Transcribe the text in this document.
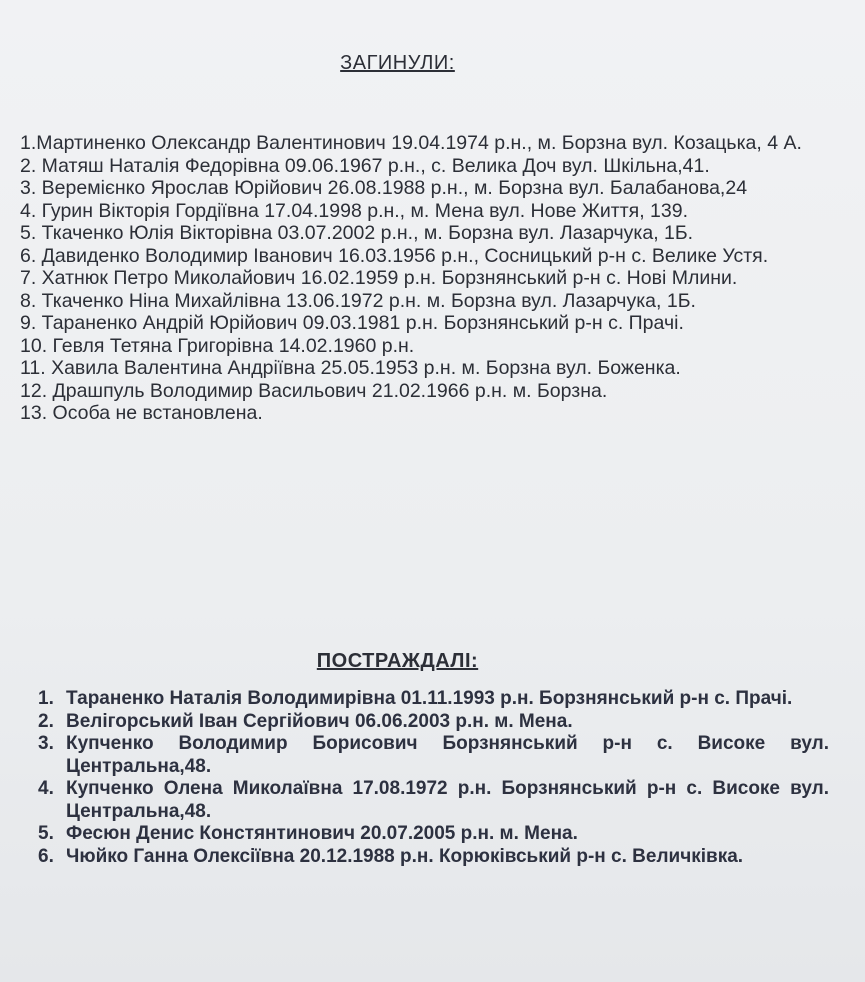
ЗАГИНУЛИ:
1.Мартиненко Олександр Валентинович 19.04.1974 р.н., м. Борзна вул. Козацька, 4 А.
2. Матяш Наталія Федорівна 09.06.1967 р.н., с. Велика Доч вул. Шкільна,41.
3. Веремієнко Ярослав Юрійович 26.08.1988 р.н., м. Борзна вул. Балабанова,24
4. Гурин Вікторія Гордіївна 17.04.1998 р.н., м. Мена вул. Нове Життя, 139.
5. Ткаченко Юлія Вікторівна 03.07.2002 р.н., м. Борзна вул. Лазарчука, 1Б.
6. Давиденко Володимир Іванович 16.03.1956 р.н., Сосницький р-н с. Велике Устя.
7. Хатнюк Петро Миколайович 16.02.1959 р.н. Борзнянський р-н с. Нові Млини.
8. Ткаченко Ніна Михайлівна 13.06.1972 р.н. м. Борзна вул. Лазарчука, 1Б.
9. Тараненко Андрій Юрійович 09.03.1981 р.н. Борзнянський р-н с. Прачі.
10. Гевля Тетяна Григорівна 14.02.1960 р.н.
11. Хавила Валентина Андріївна 25.05.1953 р.н. м. Борзна вул. Боженка.
12. Драшпуль Володимир Васильович 21.02.1966 р.н. м. Борзна.
13. Особа не встановлена.
ПОСТРАЖДАЛІ:
1. Тараненко Наталія Володимирівна 01.11.1993 р.н. Борзнянський р-н с. Прачі.
2. Велігорський Іван Сергійович 06.06.2003 р.н. м. Мена.
3. Купченко Володимир Борисович Борзнянський р-н с. Високе вул. Центральна,48.
4. Купченко Олена Миколаївна 17.08.1972 р.н. Борзнянський р-н с. Високе вул. Центральна,48.
5. Фесюн Денис Констянтинович 20.07.2005 р.н. м. Мена.
6. Чюйко Ганна Олексіївна 20.12.1988 р.н. Корюківський р-н с. Величківка.
